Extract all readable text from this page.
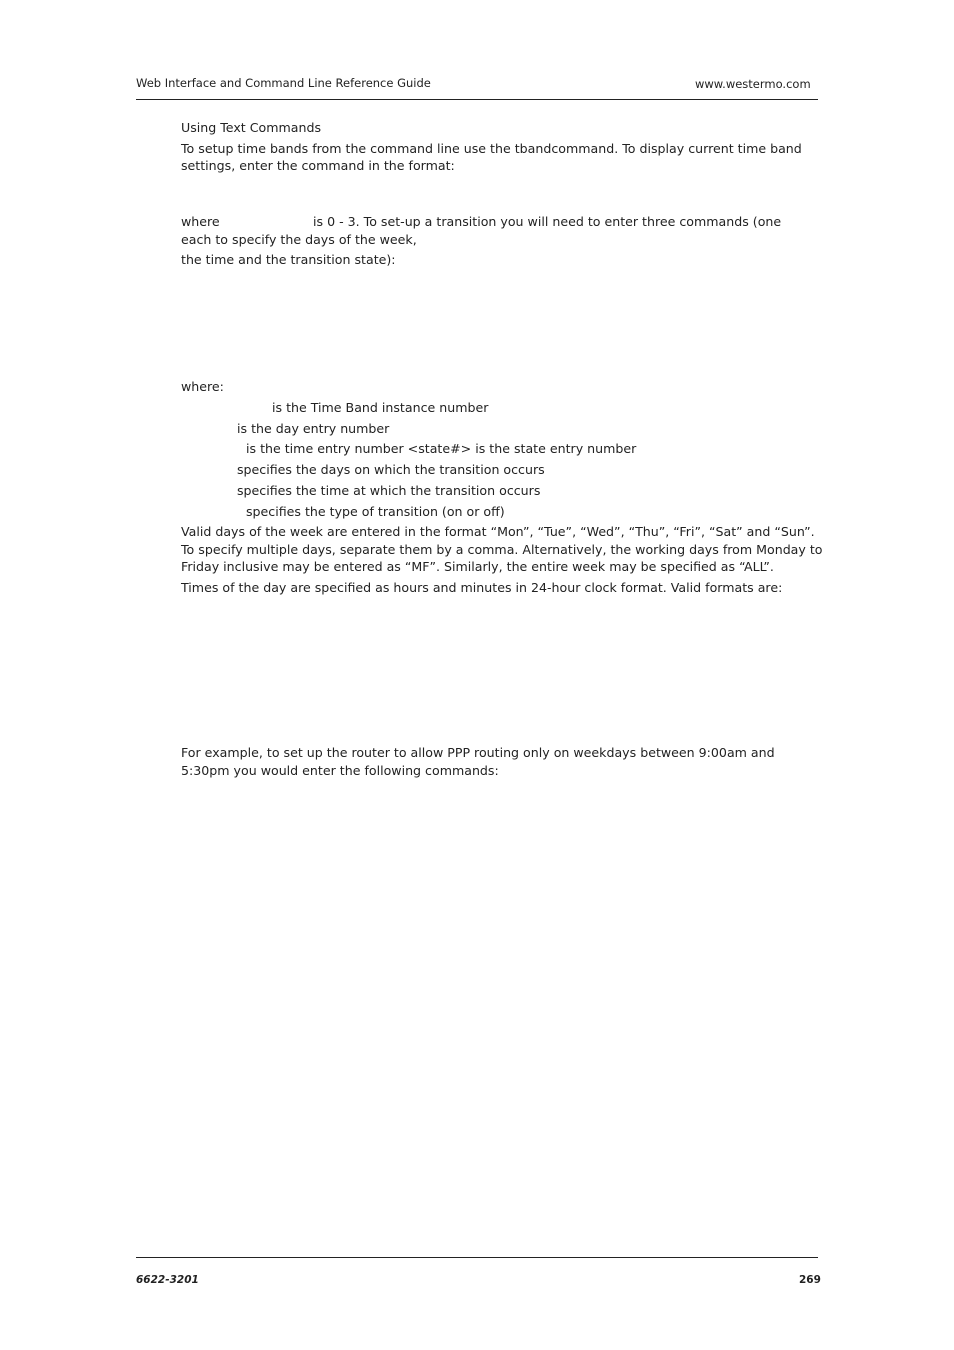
Web Interface and Command Line Reference Guide	www.westermo.com
Using Text Commands
To setup time bands from the command line use the tbandcommand. To display current time band
settings, enter the command in the format:
where	is 0 - 3. To set-up a transition you will need to enter three commands (one
each to specify the days of the week,
the time and the transition state):
where:
is the Time Band instance number
is the day entry number
is the time entry number <state#> is the state entry number
specifies the days on which the transition occurs
specifies the time at which the transition occurs
specifies the type of transition (on or off)
Valid days of the week are entered in the format “Mon”, “Tue”, “Wed”, “Thu”, “Fri”, “Sat” and “Sun”.
To specify multiple days, separate them by a comma. Alternatively, the working days from Monday to
Friday inclusive may be entered as “MF”. Similarly, the entire week may be specified as “ALL”.
Times of the day are specified as hours and minutes in 24-hour clock format. Valid formats are:
For example, to set up the router to allow PPP routing only on weekdays between 9:00am and
5:30pm you would enter the following commands:
6622-3201	269
